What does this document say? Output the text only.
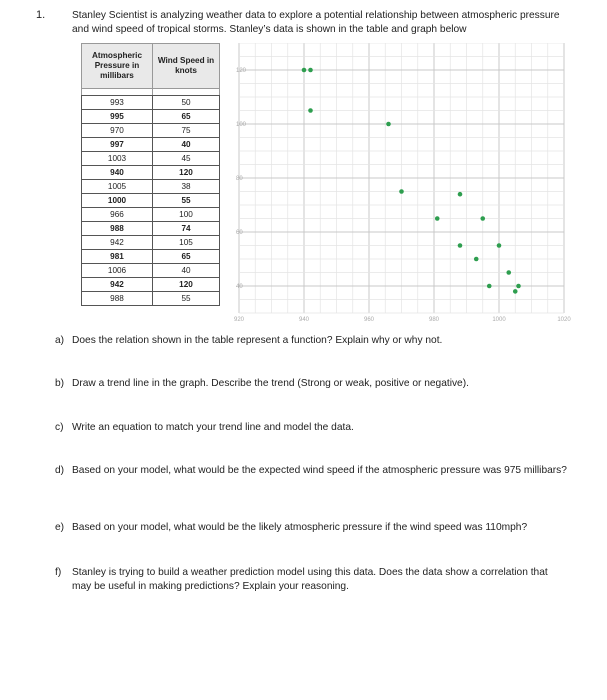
1.	Stanley Scientist is analyzing weather data to explore a potential relationship between atmospheric pressure and wind speed of tropical storms. Stanley’s data is shown in the table and graph below
Atmospheric Pressure in millibars	Wind Speed in knots

993	50
995	65
970	75
997	40
1003	45
940	120
1005	38
1000	55
966	100
988	74
942	105
981	65
1006	40
942	120
988	55
920	940	960	980	1000	1020
120
100
80
60
40
a) Does the relation shown in the table represent a function? Explain why or why not.
b) Draw a trend line in the graph. Describe the trend (Strong or weak, positive or negative).
c) Write an equation to match your trend line and model the data.
d) Based on your model, what would be the expected wind speed if the atmospheric pressure was 975 millibars?
e) Based on your model, what would be the likely atmospheric pressure if the wind speed was 110mph?
f) Stanley is trying to build a weather prediction model using this data. Does the data show a correlation that may be useful in making predictions? Explain your reasoning.
